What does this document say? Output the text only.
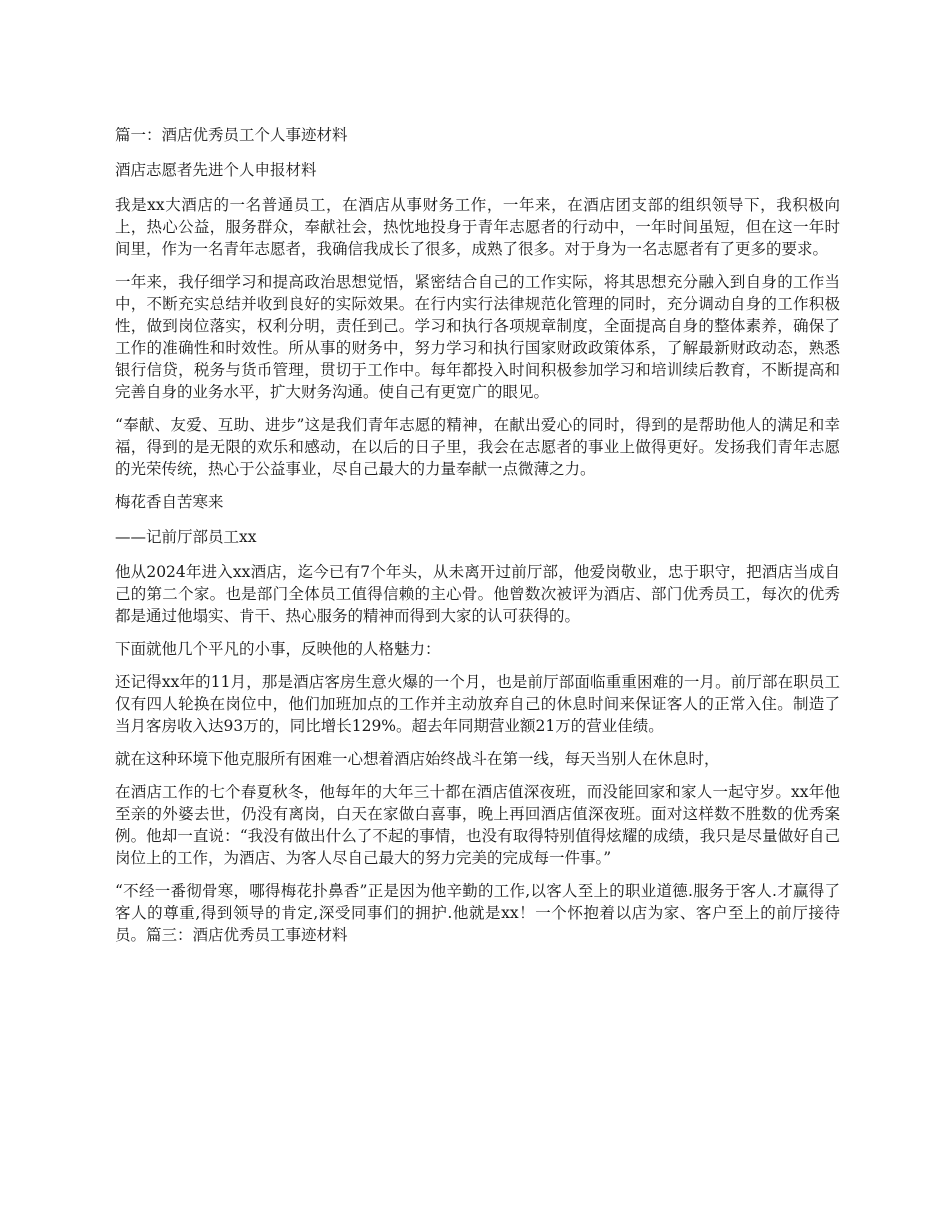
篇一：酒店优秀员工个人事迹材料

酒店志愿者先进个人申报材料

我是xx大酒店的一名普通员工，在酒店从事财务工作，一年来，在酒店团支部的组织领导下，我积极向上，热心公益，服务群众，奉献社会，热忱地投身于青年志愿者的行动中，一年时间虽短，但在这一年时间里，作为一名青年志愿者，我确信我成长了很多，成熟了很多。对于身为一名志愿者有了更多的要求。

一年来，我仔细学习和提高政治思想觉悟，紧密结合自己的工作实际，将其思想充分融入到自身的工作当中，不断充实总结并收到良好的实际效果。在行内实行法律规范化管理的同时，充分调动自身的工作积极性，做到岗位落实，权利分明，责任到己。学习和执行各项规章制度，全面提高自身的整体素养，确保了工作的准确性和时效性。所从事的财务中，努力学习和执行国家财政政策体系，了解最新财政动态，熟悉银行信贷，税务与货币管理，贯切于工作中。每年都投入时间积极参加学习和培训续后教育，不断提高和完善自身的业务水平，扩大财务沟通。使自己有更宽广的眼见。

“奉献、友爱、互助、进步”这是我们青年志愿的精神，在献出爱心的同时，得到的是帮助他人的满足和幸福，得到的是无限的欢乐和感动，在以后的日子里，我会在志愿者的事业上做得更好。发扬我们青年志愿的光荣传统，热心于公益事业，尽自己最大的力量奉献一点微薄之力。

梅花香自苦寒来

——记前厅部员工xx

他从2024年进入xx酒店，迄今已有7个年头，从未离开过前厅部，他爱岗敬业，忠于职守，把酒店当成自己的第二个家。也是部门全体员工值得信赖的主心骨。他曾数次被评为酒店、部门优秀员工，每次的优秀都是通过他塌实、肯干、热心服务的精神而得到大家的认可获得的。

下面就他几个平凡的小事，反映他的人格魅力：

还记得xx年的11月，那是酒店客房生意火爆的一个月，也是前厅部面临重重困难的一月。前厅部在职员工仅有四人轮换在岗位中，他们加班加点的工作并主动放弃自己的休息时间来保证客人的正常入住。制造了当月客房收入达93万的，同比增长129%。超去年同期营业额21万的营业佳绩。

就在这种环境下他克服所有困难一心想着酒店始终战斗在第一线，每天当别人在休息时，

在酒店工作的七个春夏秋冬，他每年的大年三十都在酒店值深夜班，而没能回家和家人一起守岁。xx年他至亲的外婆去世，仍没有离岗，白天在家做白喜事，晚上再回酒店值深夜班。面对这样数不胜数的优秀案例。他却一直说：“我没有做出什么了不起的事情，也没有取得特别值得炫耀的成绩，我只是尽量做好自己岗位上的工作，为酒店、为客人尽自己最大的努力完美的完成每一件事。”

“不经一番彻骨寒，哪得梅花扑鼻香”正是因为他辛勤的工作,以客人至上的职业道德.服务于客人.才赢得了客人的尊重,得到领导的肯定,深受同事们的拥护.他就是xx！一个怀抱着以店为家、客户至上的前厅接待员。篇三：酒店优秀员工事迹材料
